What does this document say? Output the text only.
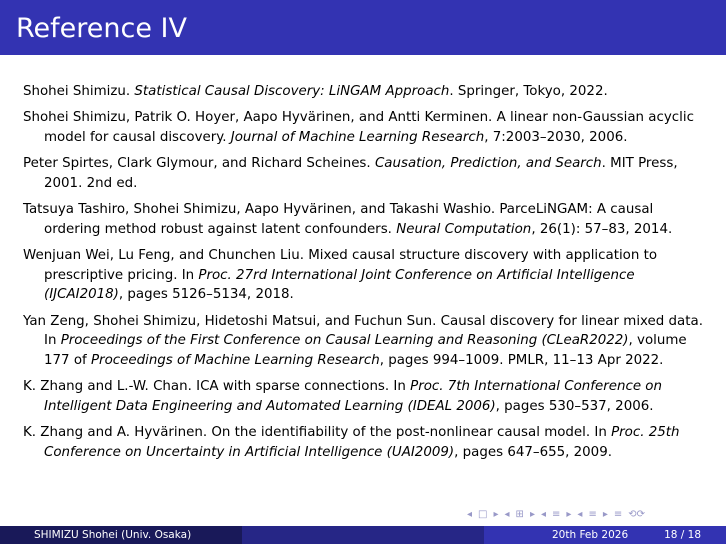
Reference IV

Shohei Shimizu. Statistical Causal Discovery: LiNGAM Approach. Springer, Tokyo, 2022.

Shohei Shimizu, Patrik O. Hoyer, Aapo Hyvärinen, and Antti Kerminen. A linear non-Gaussian acyclic model for causal discovery. Journal of Machine Learning Research, 7:2003–2030, 2006.

Peter Spirtes, Clark Glymour, and Richard Scheines. Causation, Prediction, and Search. MIT Press, 2001. 2nd ed.

Tatsuya Tashiro, Shohei Shimizu, Aapo Hyvärinen, and Takashi Washio. ParceLiNGAM: A causal ordering method robust against latent confounders. Neural Computation, 26(1): 57–83, 2014.

Wenjuan Wei, Lu Feng, and Chunchen Liu. Mixed causal structure discovery with application to prescriptive pricing. In Proc. 27rd International Joint Conference on Artificial Intelligence (IJCAI2018), pages 5126–5134, 2018.

Yan Zeng, Shohei Shimizu, Hidetoshi Matsui, and Fuchun Sun. Causal discovery for linear mixed data. In Proceedings of the First Conference on Causal Learning and Reasoning (CLeaR2022), volume 177 of Proceedings of Machine Learning Research, pages 994–1009. PMLR, 11–13 Apr 2022.

K. Zhang and L.-W. Chan. ICA with sparse connections. In Proc. 7th International Conference on Intelligent Data Engineering and Automated Learning (IDEAL 2006), pages 530–537, 2006.

K. Zhang and A. Hyvärinen. On the identifiability of the post-nonlinear causal model. In Proc. 25th Conference on Uncertainty in Artificial Intelligence (UAI2009), pages 647–655, 2009.

◂ □ ▸ ◂ ⊞ ▸ ◂ ≡ ▸ ◂ ≡ ▸ ≡ ⟲⟳
SHIMIZU Shohei (Univ. Osaka)	20th Feb 2026	18 / 18
